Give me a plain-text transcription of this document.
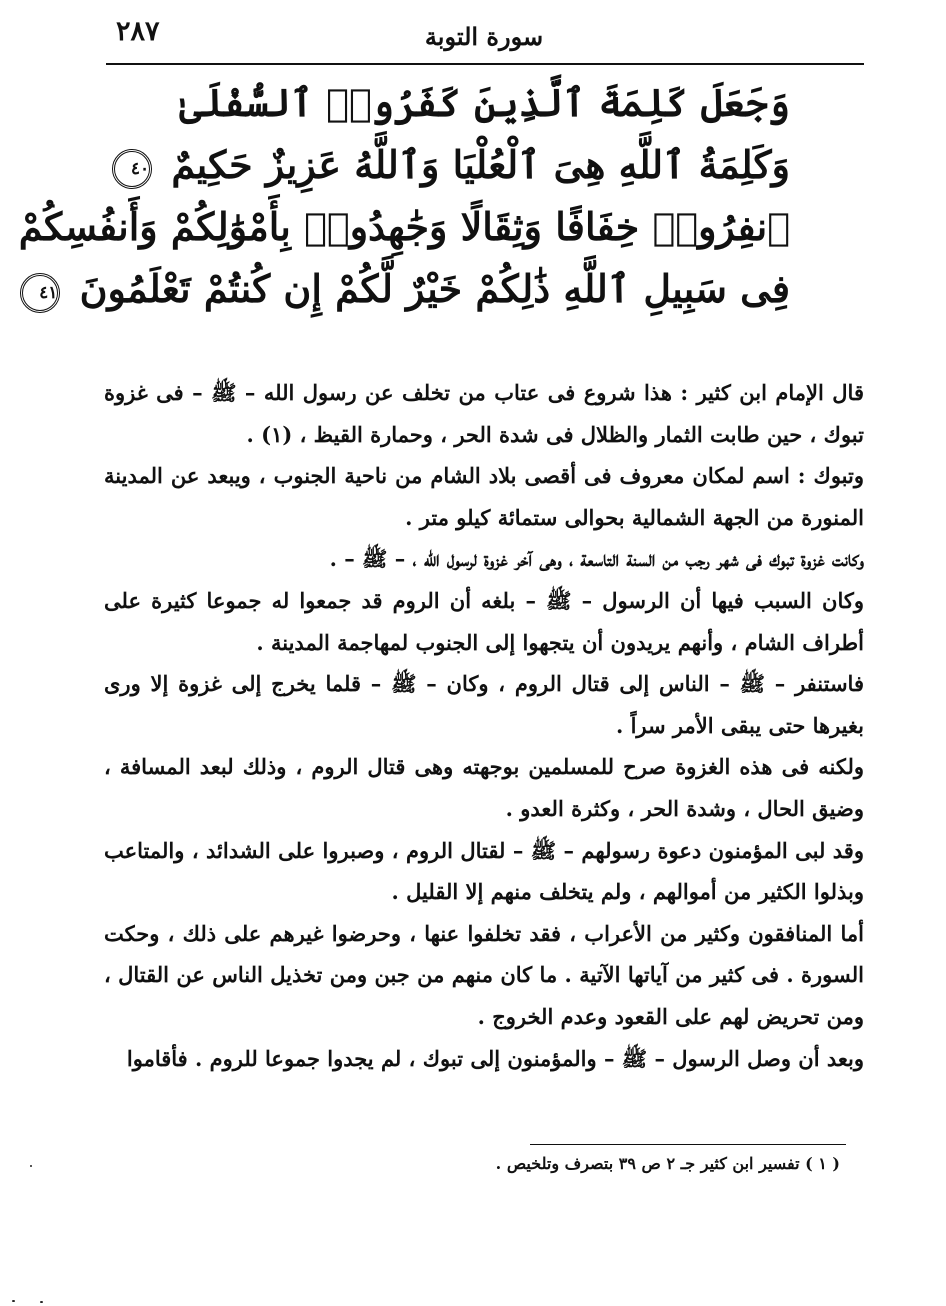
٢٨٧	سورة التوبة
وَجَعَلَ كَلِمَةَ ٱلَّذِينَ كَفَرُوا۟ ٱلسُّفْلَىٰ
وَكَلِمَةُ ٱللَّهِ هِىَ ٱلْعُلْيَا وَٱللَّهُ عَزِيزٌ حَكِيمٌ ٤٠
ٱنفِرُوا۟ خِفَافًا وَثِقَالًا وَجَٰهِدُوا۟ بِأَمْوَٰلِكُمْ وَأَنفُسِكُمْ
فِى سَبِيلِ ٱللَّهِ ذَٰلِكُمْ خَيْرٌ لَّكُمْ إِن كُنتُمْ تَعْلَمُونَ ٤١

قال الإمام ابن كثير : هذا شروع فى عتاب من تخلف عن رسول الله – ﷺ – فى غزوة تبوك ، حين طابت الثمار والظلال فى شدة الحر ، وحمارة القيظ ، (١) .

وتبوك : اسم لمكان معروف فى أقصى بلاد الشام من ناحية الجنوب ، ويبعد عن المدينة المنورة من الجهة الشمالية بحوالى ستمائة كيلو متر .

وكانت غزوة تبوك فى شهر رجب من السنة التاسعة ، وهى آخر غزوة لرسول الله ، – ﷺ – .

وكان السبب فيها أن الرسول – ﷺ – بلغه أن الروم قد جمعوا له جموعا كثيرة على أطراف الشام ، وأنهم يريدون أن يتجهوا إلى الجنوب لمهاجمة المدينة .

فاستنفر – ﷺ – الناس إلى قتال الروم ، وكان – ﷺ – قلما يخرج إلى غزوة إلا ورى بغيرها حتى يبقى الأمر سراً .

ولكنه فى هذه الغزوة صرح للمسلمين بوجهته وهى قتال الروم ، وذلك لبعد المسافة ، وضيق الحال ، وشدة الحر ، وكثرة العدو .

وقد لبى المؤمنون دعوة رسولهم – ﷺ – لقتال الروم ، وصبروا على الشدائد ، والمتاعب وبذلوا الكثير من أموالهم ، ولم يتخلف منهم إلا القليل .

أما المنافقون وكثير من الأعراب ، فقد تخلفوا عنها ، وحرضوا غيرهم على ذلك ، وحكت السورة . فى كثير من آياتها الآتية . ما كان منهم من جبن ومن تخذيل الناس عن القتال ، ومن تحريض لهم على القعود وعدم الخروج .

وبعد أن وصل الرسول – ﷺ – والمؤمنون إلى تبوك ، لم يجدوا جموعا للروم . فأقاموا

( ١ ) تفسير ابن كثير جـ ٢ ص ٣٩ بتصرف وتلخيص .
